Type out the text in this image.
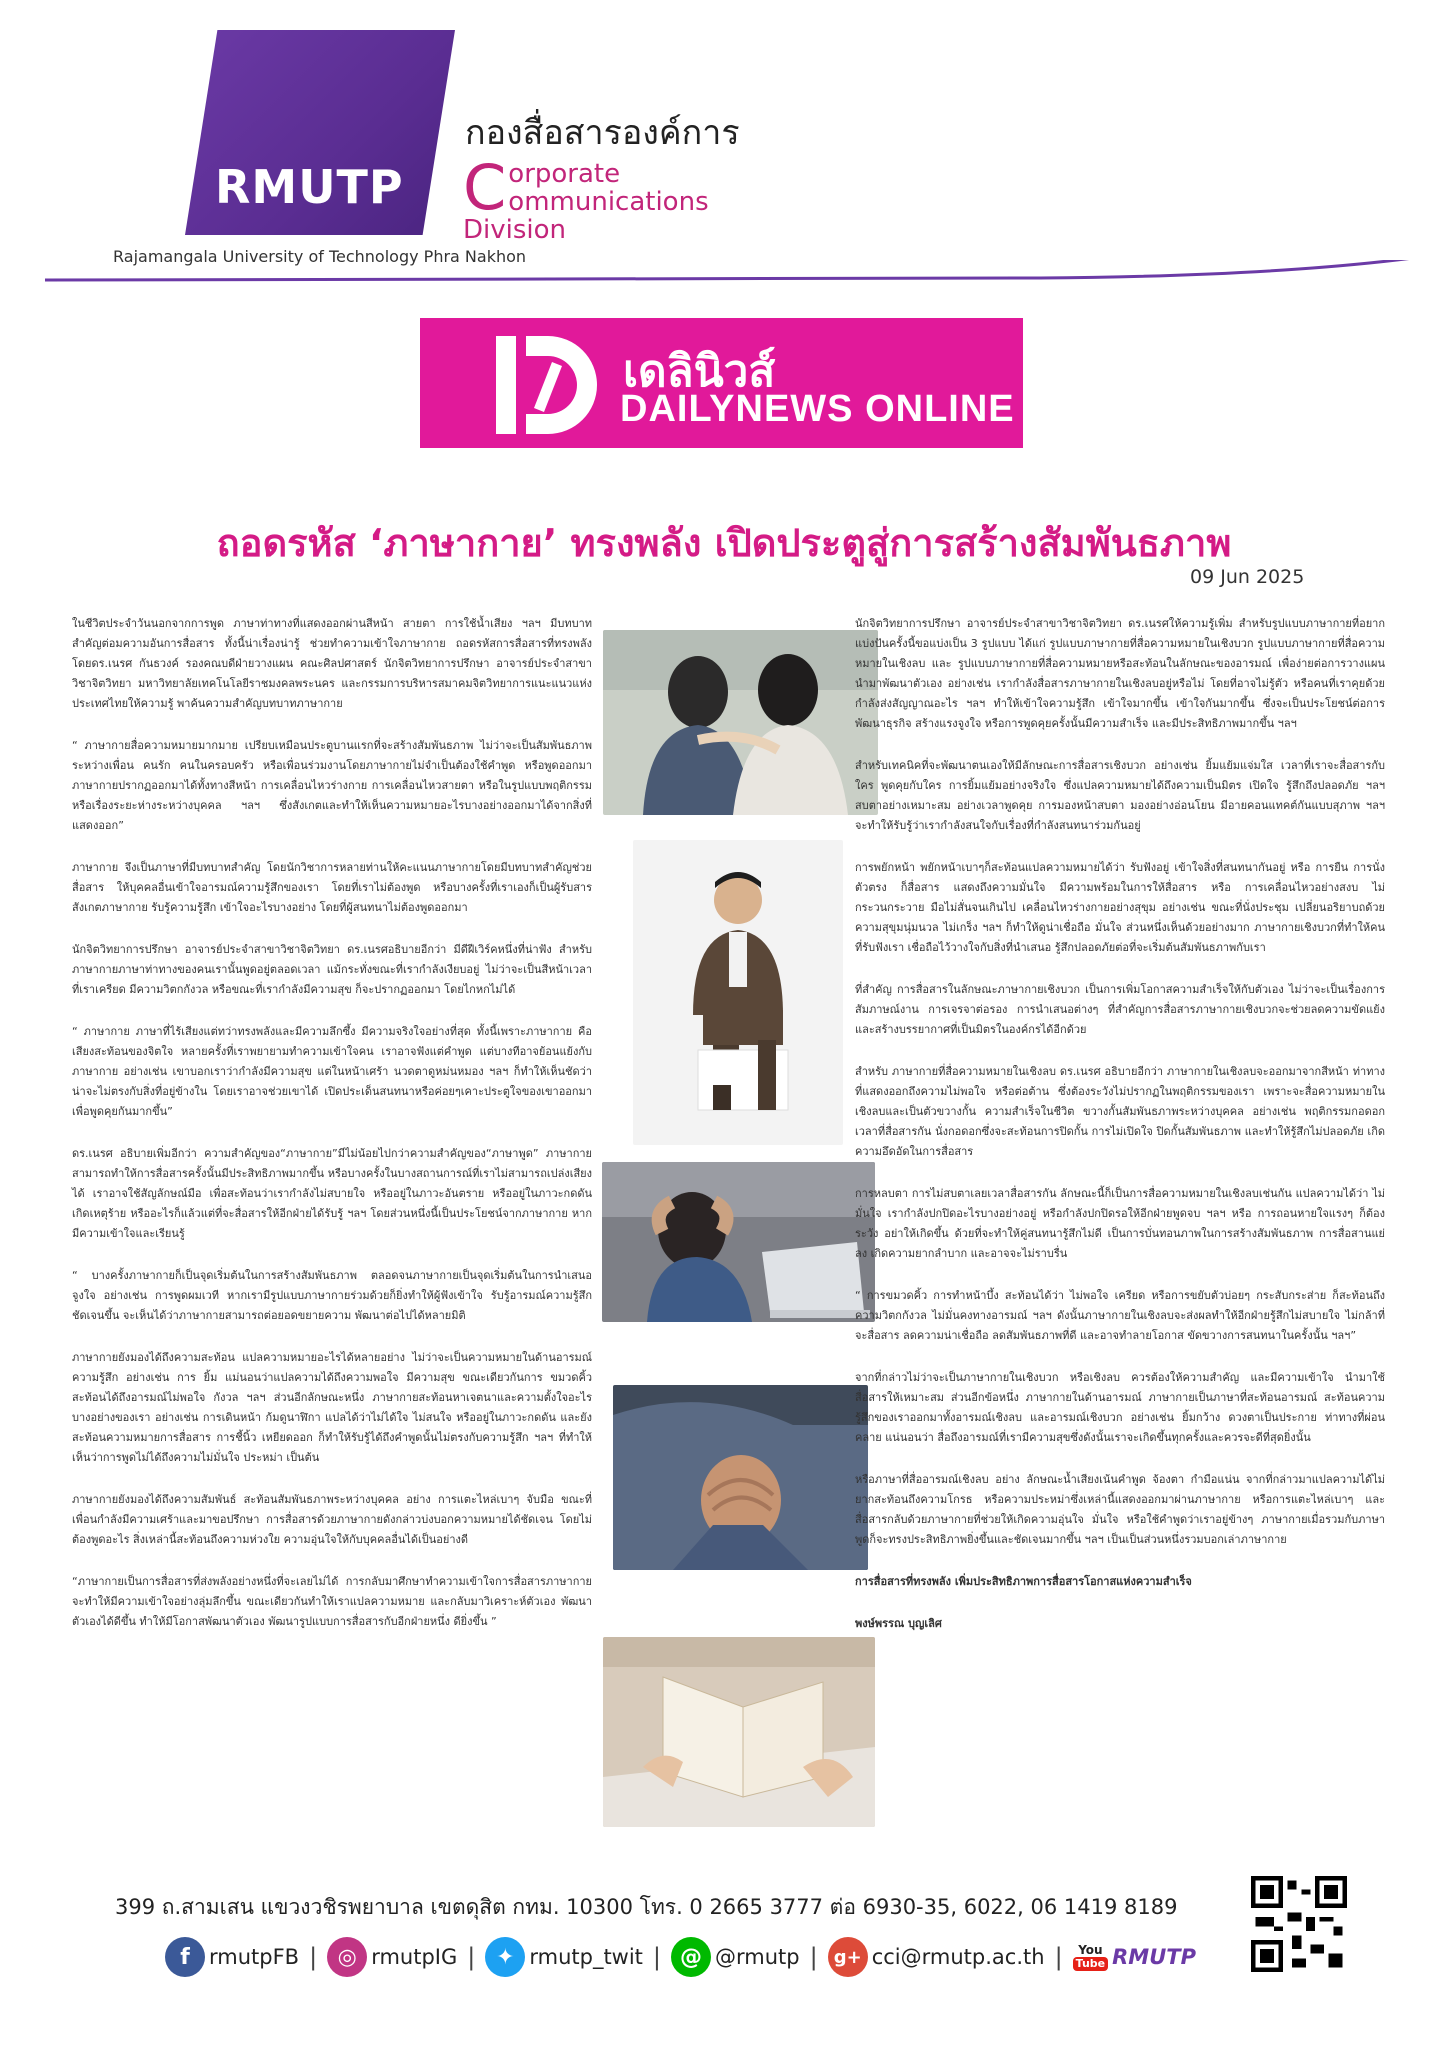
RMUTP
กองสื่อสารองค์การ
C orporate
ommunications Division
Rajamangala University of Technology Phra Nakhon
เดลินิวส์
DAILYNEWS ONLINE
ถอดรหัส ‘ภาษากาย’ ทรงพลัง เปิดประตูสู่การสร้างสัมพันธภาพ
09 Jun 2025

ในชีวิตประจำวันนอกจากการพูด ภาษาท่าทางที่แสดงออกผ่านสีหน้า สายตา การใช้น้ำเสียง ฯลฯ มีบทบาทสำคัญต่อมความอันการสื่อสาร ทั้งนี้น่าเรื่องน่ารู้ ช่วยทำความเข้าใจภาษากาย ถอดรหัสการสื่อสารที่ทรงพลัง โดยดร.เนรศ กันธวงค์ รองคณบดีฝ่ายวางแผน คณะศิลปศาสตร์ นักจิตวิทยาการปรึกษา อาจารย์ประจำสาขาวิชาจิตวิทยา มหาวิทยาลัยเทคโนโลยีราชมงคลพระนคร และกรรมการบริหารสมาคมจิตวิทยาการแนะแนวแห่งประเทศไทยให้ความรู้ พาค้นความสำคัญบทบาทภาษากาย

“ ภาษากายสื่อความหมายมากมาย เปรียบเหมือนประตูบานแรกที่จะสร้างสัมพันธภาพ ไม่ว่าจะเป็นสัมพันธภาพระหว่างเพื่อน คนรัก คนในครอบครัว หรือเพื่อนร่วมงานโดยภาษากายไม่จำเป็นต้องใช้คำพูด หรือพูดออกมา ภาษากายปรากฏออกมาได้ทั้งทางสีหน้า การเคลื่อนไหวร่างกาย การเคลื่อนไหวสายตา หรือในรูปแบบพฤติกรรม หรือเรื่องระยะห่างระหว่างบุคคล ฯลฯ ซึ่งสังเกตและทำให้เห็นความหมายอะไรบางอย่างออกมาได้จากสิ่งที่แสดงออก”

ภาษากาย จึงเป็นภาษาที่มีบทบาทสำคัญ โดยนักวิชาการหลายท่านให้คะแนนภาษากายโดยมีบทบาทสำคัญช่วยสื่อสาร ให้บุคคลอื่นเข้าใจอารมณ์ความรู้สึกของเรา โดยที่เราไม่ต้องพูด หรือบางครั้งที่เราเองก็เป็นผู้รับสาร สังเกตภาษากาย รับรู้ความรู้สึก เข้าใจอะไรบางอย่าง โดยที่ผู้สนทนาไม่ต้องพูดออกมา

นักจิตวิทยาการปรึกษา อาจารย์ประจำสาขาวิชาจิตวิทยา ดร.เนรศอธิบายอีกว่า มีดีฝีเวิร์คหนึ่งที่น่าฟัง สำหรับภาษากายภาษาท่าทางของคนเรานั้นพูดอยู่ตลอดเวลา แม้กระทั่งขณะที่เรากำลังเงียบอยู่ ไม่ว่าจะเป็นสีหน้าเวลาที่เราเครียด มีความวิตกกังวล หรือขณะที่เรากำลังมีความสุข ก็จะปรากฏออกมา โดยไกหกไม่ได้

“ ภาษากาย ภาษาที่ไร้เสียงแต่ทว่าทรงพลังและมีความลึกซึ้ง มีความจริงใจอย่างที่สุด ทั้งนี้เพราะภาษากาย คือเสียงสะท้อนของจิตใจ หลายครั้งที่เราพยายามทำความเข้าใจคน เราอาจฟังแต่คำพูด แต่บางทีอาจย้อนแย้งกับภาษากาย อย่างเช่น เขาบอกเราว่ากำลังมีความสุข แต่ในหน้าเศร้า นวดตาดูหม่นหมอง ฯลฯ ก็ทำให้เห็นชัดว่าน่าจะไม่ตรงกับสิ่งที่อยู่ข้างใน โดยเราอาจช่วยเขาได้ เปิดประเด็นสนทนาหรือค่อยๆเคาะประตูใจของเขาออกมา เพื่อพูดคุยกันมากขึ้น”

ดร.เนรศ อธิบายเพิ่มอีกว่า ความสำคัญของ“ภาษากาย”มีไม่น้อยไปกว่าความสำคัญของ“ภาษาพูด” ภาษากายสามารถทำให้การสื่อสารครั้งนั้นมีประสิทธิภาพมากขึ้น หรือบางครั้งในบางสถานการณ์ที่เราไม่สามารถเปล่งเสียงได้ เราอาจใช้สัญลักษณ์มือ เพื่อสะท้อนว่าเรากำลังไม่สบายใจ หรืออยู่ในภาวะอันตราย หรืออยู่ในภาวะกดดัน เกิดเหตุร้าย หรืออะไรก็แล้วแต่ที่จะสื่อสารให้อีกฝ่ายได้รับรู้ ฯลฯ โดยส่วนหนึ่งนี้เป็นประโยชน์จากภาษากาย หากมีความเข้าใจและเรียนรู้

“ บางครั้งภาษากายก็เป็นจุดเริ่มต้นในการสร้างสัมพันธภาพ ตลอดจนภาษากายเป็นจุดเริ่มต้นในการนำเสนอ จูงใจ อย่างเช่น การพูดผมเวที หากเรามีรูปแบบภาษากายร่วมด้วยก็ยิ่งทำให้ผู้ฟังเข้าใจ รับรู้อารมณ์ความรู้สึกชัดเจนขึ้น จะเห็นได้ว่าภาษากายสามารถต่อยอดขยายความ พัฒนาต่อไปได้หลายมิติ

ภาษากายยังมองได้ถึงความสะท้อน แปลความหมายอะไรได้หลายอย่าง ไม่ว่าจะเป็นความหมายในด้านอารมณ์ความรู้สึก อย่างเช่น การ ยิ้ม แม่นอนว่าแปลความได้ถึงความพอใจ มีความสุข ขณะเดียวกันการ ขมวดคิ้ว สะท้อนได้ถึงอารมณ์ไม่พอใจ กังวล ฯลฯ ส่วนอีกลักษณะหนึ่ง ภาษากายสะท้อนหาเจตนาและความตั้งใจอะไรบางอย่างของเรา อย่างเช่น การเดินหน้า ก้มดูนาฬิกา แปลได้ว่าไม่ได้ใจ ไม่สนใจ หรืออยู่ในภาวะกดดัน และยังสะท้อนความหมายการสื่อสาร การชี้นิ้ว เหยียดออก ก็ทำให้รับรู้ได้ถึงคำพูดนั้นไม่ตรงกับความรู้สึก ฯลฯ ที่ทำให้เห็นว่าการพูดไม่ได้ถึงความไม่มั่นใจ ประหม่า เป็นต้น

ภาษากายยังมองได้ถึงความสัมพันธ์ สะท้อนสัมพันธภาพระหว่างบุคคล อย่าง การแตะไหล่เบาๆ จับมือ ขณะที่เพื่อนกำลังมีความเศร้าและมาขอปรึกษา การสื่อสารด้วยภาษากายดังกล่าวบ่งบอกความหมายได้ชัดเจน โดยไม่ต้องพูดอะไร สิ่งเหล่านี้สะท้อนถึงความห่วงใย ความอุ่นใจให้กับบุคคลอื่นได้เป็นอย่างดี

“ภาษากายเป็นการสื่อสารที่ส่งพลังอย่างหนึ่งที่จะเลยไม่ได้ การกลับมาศึกษาทำความเข้าใจการสื่อสารภาษากาย จะทำให้มีความเข้าใจอย่างลุ่มลึกขึ้น ขณะเดียวกันทำให้เราแปลความหมาย และกลับมาวิเคราะห์ตัวเอง พัฒนาตัวเองได้ดีขึ้น ทำให้มีโอกาสพัฒนาตัวเอง พัฒนารูปแบบการสื่อสารกับอีกฝ่ายหนึ่ง ดียิ่งขึ้น ”

นักจิตวิทยาการปรึกษา อาจารย์ประจำสาขาวิชาจิตวิทยา ดร.เนรศให้ความรู้เพิ่ม สำหรับรูปแบบภาษากายที่อยากแบ่งปันครั้งนี้ขอแบ่งเป็น 3 รูปแบบ ได้แก่ รูปแบบภาษากายที่สื่อความหมายในเชิงบวก รูปแบบภาษากายที่สื่อความหมายในเชิงลบ และ รูปแบบภาษากายที่สื่อความหมายหรือสะท้อนในลักษณะของอารมณ์ เพื่อง่ายต่อการวางแผน นำมาพัฒนาตัวเอง อย่างเช่น เรากำลังสื่อสารภาษากายในเชิงลบอยู่หรือไม่ โดยที่อาจไม่รู้ตัว หรือคนที่เราคุยด้วยกำลังส่งสัญญาณอะไร ฯลฯ ทำให้เข้าใจความรู้สึก เข้าใจมากขึ้น เข้าใจกันมากขึ้น ซึ่งจะเป็นประโยชน์ต่อการพัฒนาธุรกิจ สร้างแรงจูงใจ หรือการพูดคุยครั้งนั้นมีความสำเร็จ และมีประสิทธิภาพมากขึ้น ฯลฯ

สำหรับเทคนิคที่จะพัฒนาตนเองให้มีลักษณะการสื่อสารเชิงบวก อย่างเช่น ยิ้มแย้มแจ่มใส เวลาที่เราจะสื่อสารกับใคร พูดคุยกับใคร การยิ้มแย้มอย่างจริงใจ ซึ่งแปลความหมายได้ถึงความเป็นมิตร เปิดใจ รู้สึกถึงปลอดภัย ฯลฯ สบตาอย่างเหมาะสม อย่างเวลาพูดคุย การมองหน้าสบตา มองอย่างอ่อนโยน มีอายคอนแทคต์กันแบบสุภาพ ฯลฯ จะทำให้รับรู้ว่าเรากำลังสนใจกับเรื่องที่กำลังสนทนาร่วมกันอยู่

การพยักหน้า พยักหน้าเบาๆก็สะท้อนแปลความหมายได้ว่า รับฟังอยู่ เข้าใจสิ่งที่สนทนากันอยู่ หรือ การยืน การนั่งตัวตรง ก็สื่อสาร แสดงถึงความมั่นใจ มีความพร้อมในการให้สื่อสาร หรือ การเคลื่อนไหวอย่างสงบ ไม่กระวนกระวาย มือไม่สั่นจนเกินไป เคลื่อนไหวร่างกายอย่างสุขุม อย่างเช่น ขณะที่นั่งประชุม เปลี่ยนอริยาบถด้วยความสุขุมนุ่มนวล ไม่เกร็ง ฯลฯ ก็ทำให้ดูน่าเชื่อถือ มั่นใจ ส่วนหนึ่งเห็นด้วยอย่างมาก ภาษากายเชิงบวกที่ทำให้คนที่รับฟังเรา เชื่อถือไว้วางใจกับสิ่งที่นำเสนอ รู้สึกปลอดภัยต่อที่จะเริ่มต้นสัมพันธภาพกับเรา

ที่สำคัญ การสื่อสารในลักษณะภาษากายเชิงบวก เป็นการเพิ่มโอกาสความสำเร็จให้กับตัวเอง ไม่ว่าจะเป็นเรื่องการสัมภาษณ์งาน การเจรจาต่อรอง การนำเสนอต่างๆ ที่สำคัญการสื่อสารภาษากายเชิงบวกจะช่วยลดความขัดแย้ง และสร้างบรรยากาศที่เป็นมิตรในองค์กรได้อีกด้วย

สำหรับ ภาษากายที่สื่อความหมายในเชิงลบ ดร.เนรศ อธิบายอีกว่า ภาษากายในเชิงลบจะออกมาจากสีหน้า ท่าทางที่แสดงออกถึงความไม่พอใจ หรือต่อต้าน ซึ่งต้องระวังไม่ปรากฏในพฤติกรรมของเรา เพราะจะสื่อความหมายในเชิงลบและเป็นตัวขวางกั้น ความสำเร็จในชีวิต ขวางกั้นสัมพันธภาพระหว่างบุคคล อย่างเช่น พฤติกรรมกอดอก เวลาที่สื่อสารกัน นั่งกอดอกซึ่งจะสะท้อนการปิดกั้น การไม่เปิดใจ ปิดกั้นสัมพันธภาพ และทำให้รู้สึกไม่ปลอดภัย เกิดความอึดอัดในการสื่อสาร

การหลบตา การไม่สบตาเลยเวลาสื่อสารกัน ลักษณะนี้ก็เป็นการสื่อความหมายในเชิงลบเช่นกัน แปลความได้ว่า ไม่มั่นใจ เรากำลังปกปิดอะไรบางอย่างอยู่ หรือกำลังปกปิดรอให้อีกฝ่ายพูดจบ ฯลฯ หรือ การถอนหายใจแรงๆ ก็ต้องระวัง อย่าให้เกิดขึ้น ด้วยที่จะทำให้คู่สนทนารู้สึกไม่ดี เป็นการบั่นทอนภาพในการสร้างสัมพันธภาพ การสื่อสานแย่ลง เกิดความยากลำบาก และอาจจะไม่ราบรื่น

“ การขมวดคิ้ว การทำหน้าบึ้ง สะท้อนได้ว่า ไม่พอใจ เครียด หรือการขยับตัวบ่อยๆ กระสับกระส่าย ก็สะท้อนถึงความวิตกกังวล ไม่มั่นคงทางอารมณ์ ฯลฯ ดังนั้นภาษากายในเชิงลบจะส่งผลทำให้อีกฝ่ายรู้สึกไม่สบายใจ ไม่กล้าที่จะสื่อสาร ลดความน่าเชื่อถือ ลดสัมพันธภาพที่ดี และอาจทำลายโอกาส ขัดขวางการสนทนาในครั้งนั้น ฯลฯ”

จากที่กล่าวไม่ว่าจะเป็นภาษากายในเชิงบวก หรือเชิงลบ ควรต้องให้ความสำคัญ และมีความเข้าใจ นำมาใช้สื่อสารให้เหมาะสม ส่วนอีกข้อหนึ่ง ภาษากายในด้านอารมณ์ ภาษากายเป็นภาษาที่สะท้อนอารมณ์ สะท้อนความรู้สึกของเราออกมาทั้งอารมณ์เชิงลบ และอารมณ์เชิงบวก อย่างเช่น ยิ้มกว้าง ดวงตาเป็นประกาย ท่าทางที่ผ่อนคลาย แน่นอนว่า สื่อถึงอารมณ์ที่เรามีความสุขซึ่งดังนั้นเราจะเกิดขึ้นทุกครั้งและควรจะดีที่สุดยิ่งนั้น

หรือภาษาที่สื่ออารมณ์เชิงลบ อย่าง ลักษณะน้ำเสียงเน้นคำพูด จ้องตา กำมือแน่น จากที่กล่าวมาแปลความได้ไม่ยากสะท้อนถึงความโกรธ หรือความประหม่าซึ่งเหล่านี้แสดงออกมาผ่านภาษากาย หรือการแตะไหล่เบาๆ และสื่อสารกลับด้วยภาษากายที่ช่วยให้เกิดความอุ่นใจ มั่นใจ หรือใช้คำพูดว่าเราอยู่ข้างๆ ภาษากายเมื่อรวมกับภาษาพูดก็จะทรงประสิทธิภาพยิ่งขึ้นและชัดเจนมากขึ้น ฯลฯ เป็นเป็นส่วนหนึ่งรวมบอกเล่าภาษากาย

การสื่อสารที่ทรงพลัง เพิ่มประสิทธิภาพการสื่อสารโอกาสแห่งความสำเร็จ

พงษ์พรรณ บุญเลิศ

399 ถ.สามเสน แขวงวชิรพยาบาล เขตดุสิต กทม. 10300 โทร. 0 2665 3777 ต่อ 6930-35, 6022, 06 1419 8189
f rmutpFB | ◎ rmutpIG | ✦ rmutp_twit | @ @rmutp | g+ cci@rmutp.ac.th | You
Tube RMUTP
